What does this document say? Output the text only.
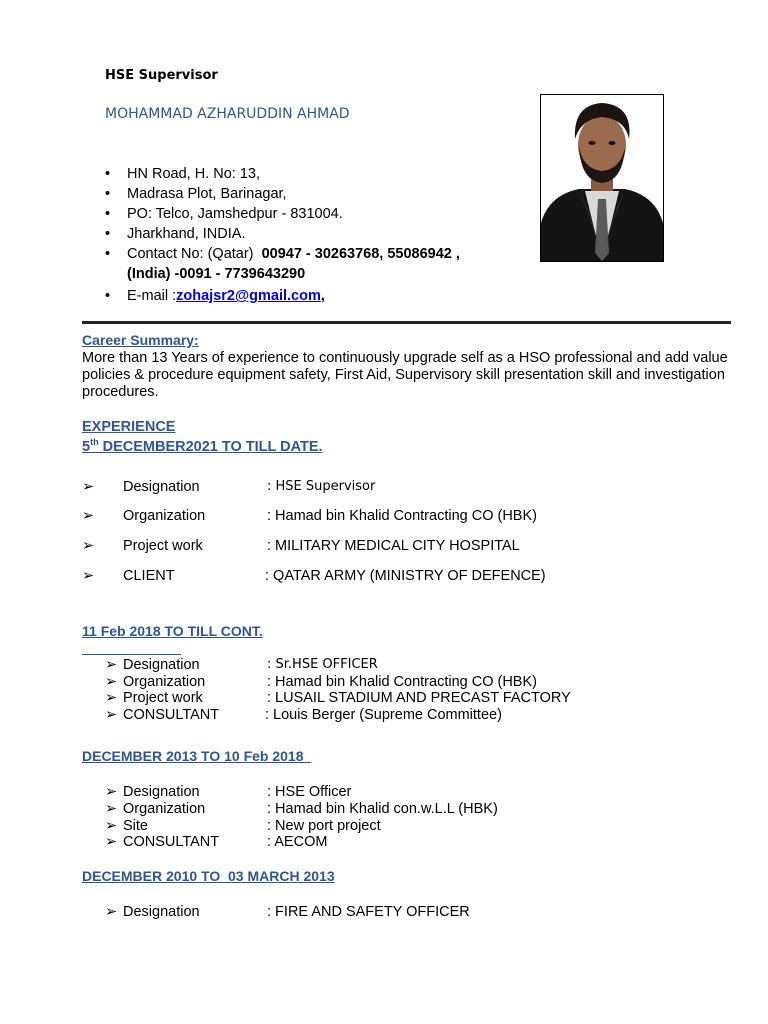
HSE Supervisor
MOHAMMAD AZHARUDDIN AHMAD
• HN Road, H. No: 13,
• Madrasa Plot, Barinagar,
• PO: Telco, Jamshedpur - 831004.
• Jharkhand, INDIA.
• Contact No: (Qatar) 00947 - 30263768, 55086942 ,
(India) -0091 - 7739643290
• E-mail :zohajsr2@gmail.com,
Career Summary:
More than 13 Years of experience to continuously upgrade self as a HSO professional and add value policies & procedure equipment safety, First Aid, Supervisory skill presentation skill and investigation procedures.
EXPERIENCE
5th DECEMBER2021 TO TILL DATE.
➢ Designation	: HSE Supervisor
➢ Organization	: Hamad bin Khalid Contracting CO (HBK)
➢ Project work	: MILITARY MEDICAL CITY HOSPITAL
➢ CLIENT	: QATAR ARMY (MINISTRY OF DEFENCE)
11 Feb 2018 TO TILL CONT.
➢ Designation	: Sr.HSE OFFICER
➢ Organization	: Hamad bin Khalid Contracting CO (HBK)
➢ Project work	: LUSAIL STADIUM AND PRECAST FACTORY
➢ CONSULTANT	: Louis Berger (Supreme Committee)
DECEMBER 2013 TO 10 Feb 2018
➢ Designation	: HSE Officer
➢ Organization	: Hamad bin Khalid con.w.L.L (HBK)
➢ Site	: New port project
➢ CONSULTANT	: AECOM
DECEMBER 2010 TO  03 MARCH 2013
➢ Designation	: FIRE AND SAFETY OFFICER
